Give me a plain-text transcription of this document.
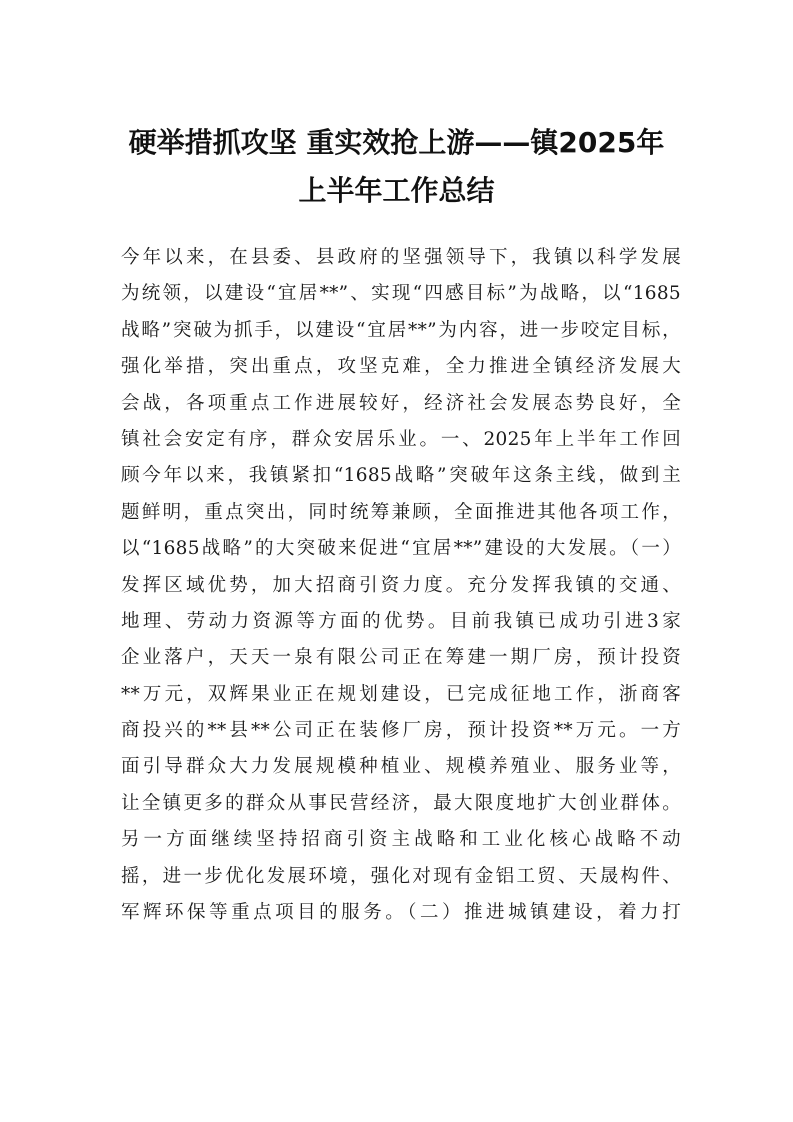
硬举措抓攻坚 重实效抢上游——镇2025年
上半年工作总结
今年以来，在县委、县政府的坚强领导下，我镇以科学发展
为统领，以建设“宜居**”、实现“四感目标”为战略，以“1685
战略”突破为抓手，以建设“宜居**”为内容，进一步咬定目标，
强化举措，突出重点，攻坚克难，全力推进全镇经济发展大
会战，各项重点工作进展较好，经济社会发展态势良好，全
镇社会安定有序，群众安居乐业。一、2025年上半年工作回
顾今年以来，我镇紧扣“1685战略”突破年这条主线，做到主
题鲜明，重点突出，同时统筹兼顾，全面推进其他各项工作，
以“1685战略”的大突破来促进“宜居**”建设的大发展。（一）
发挥区域优势，加大招商引资力度。充分发挥我镇的交通、
地理、劳动力资源等方面的优势。目前我镇已成功引进3家
企业落户，天天一泉有限公司正在筹建一期厂房，预计投资
**万元，双辉果业正在规划建设，已完成征地工作，浙商客
商投兴的**县**公司正在装修厂房，预计投资**万元。一方
面引导群众大力发展规模种植业、规模养殖业、服务业等，
让全镇更多的群众从事民营经济，最大限度地扩大创业群体。
另一方面继续坚持招商引资主战略和工业化核心战略不动
摇，进一步优化发展环境，强化对现有金铝工贸、天晟构件、
军辉环保等重点项目的服务。（二）推进城镇建设，着力打
